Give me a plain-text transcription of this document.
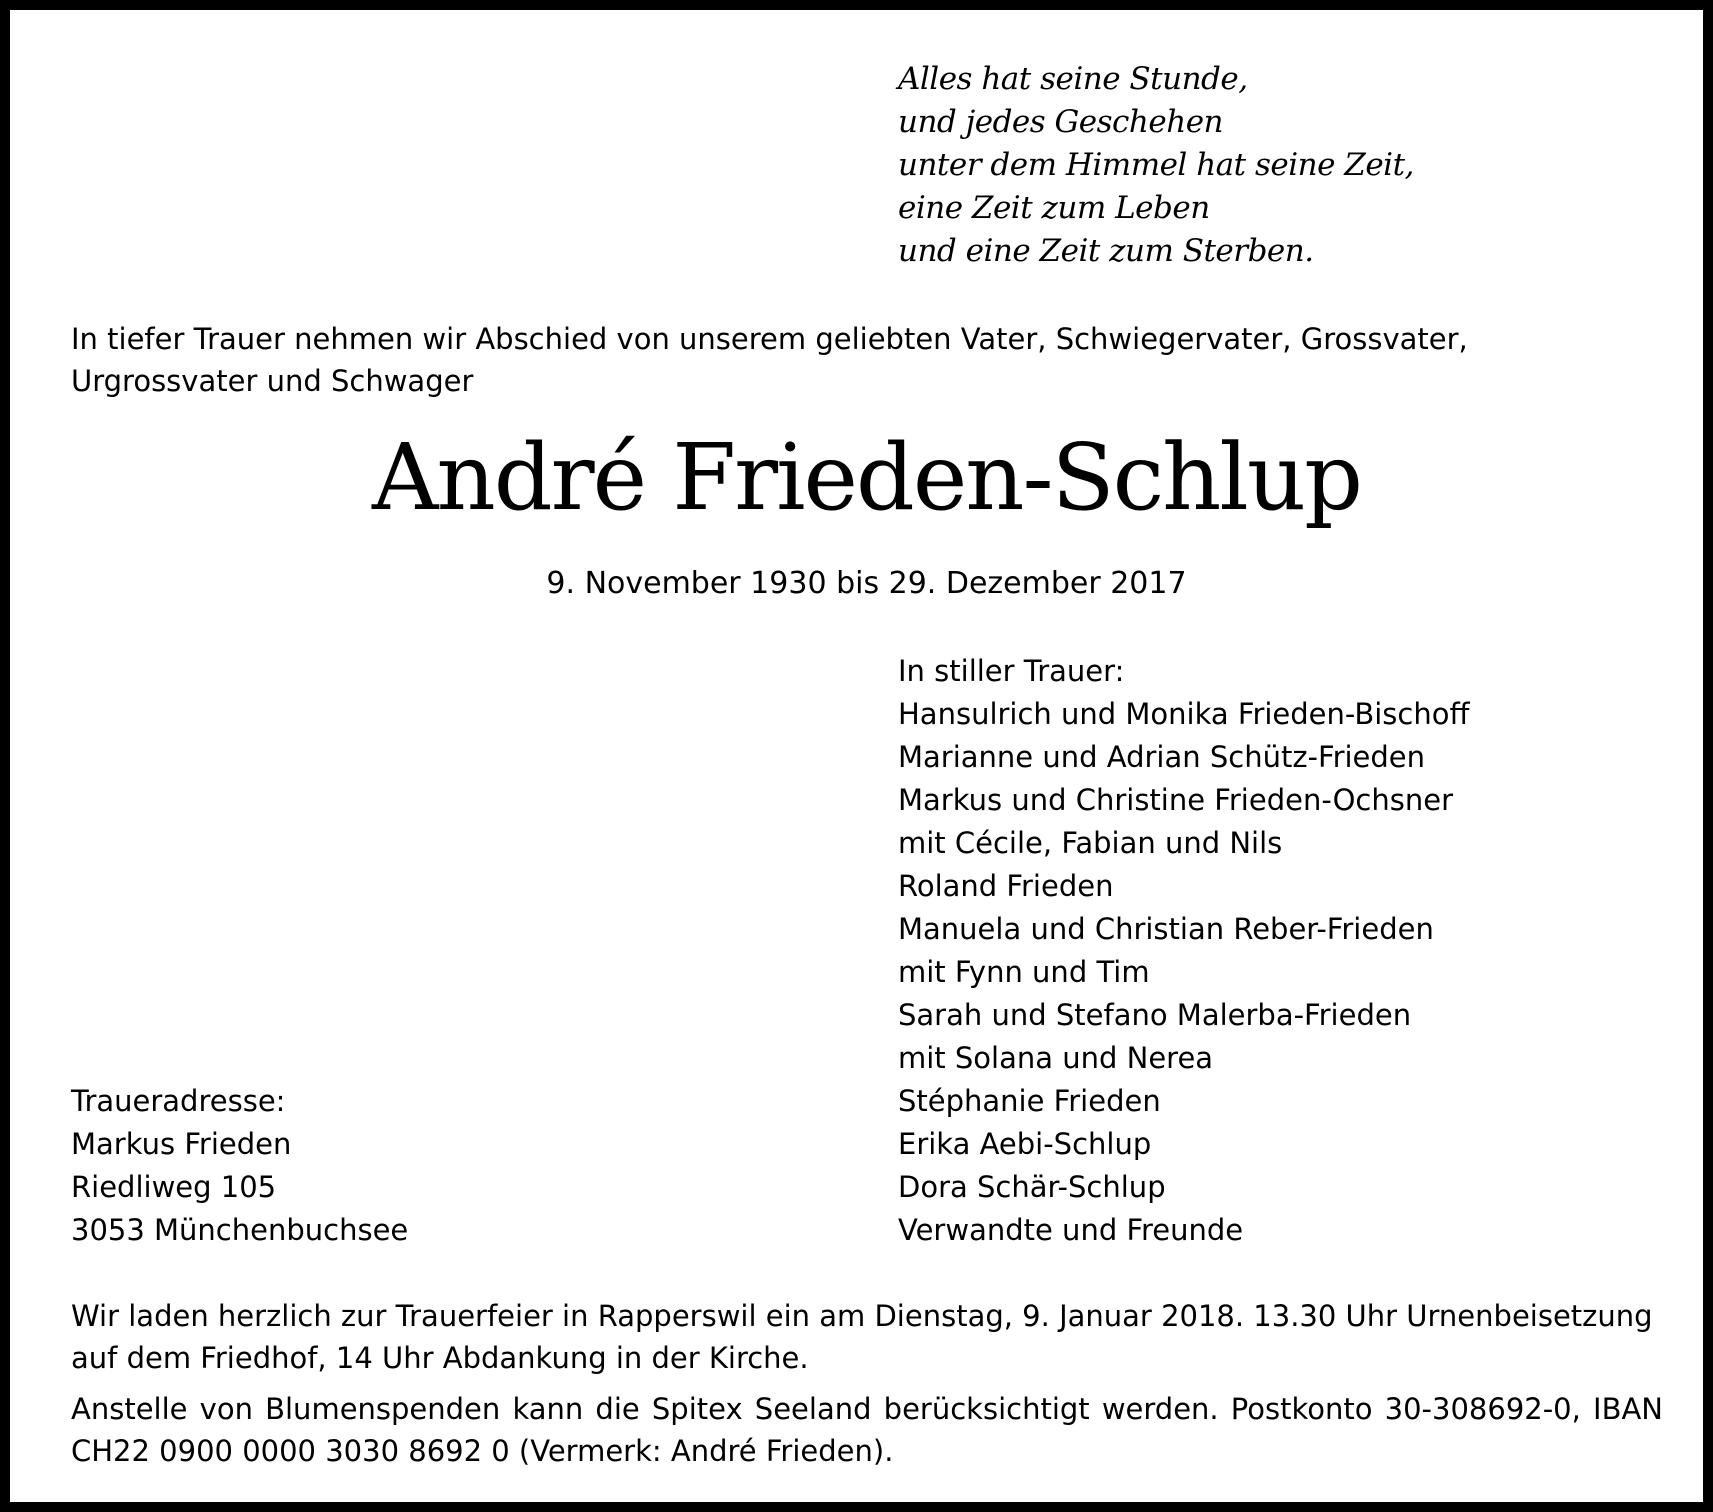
Alles hat seine Stunde,
und jedes Geschehen
unter dem Himmel hat seine Zeit,
eine Zeit zum Leben
und eine Zeit zum Sterben.
In tiefer Trauer nehmen wir Abschied von unserem geliebten Vater, Schwiegervater, Grossvater, Urgrossvater und Schwager
André Frieden-Schlup
9. November 1930 bis 29. Dezember 2017
In stiller Trauer:
Hansulrich und Monika Frieden-Bischoff
Marianne und Adrian Schütz-Frieden
Markus und Christine Frieden-Ochsner
mit Cécile, Fabian und Nils
Roland Frieden
Manuela und Christian Reber-Frieden
mit Fynn und Tim
Sarah und Stefano Malerba-Frieden
mit Solana und Nerea
Stéphanie Frieden
Erika Aebi-Schlup
Dora Schär-Schlup
Verwandte und Freunde
Traueradresse:
Markus Frieden
Riedliweg 105
3053 Münchenbuchsee
Wir laden herzlich zur Trauerfeier in Rapperswil ein am Dienstag, 9. Januar 2018. 13.30 Uhr Urnenbeisetzung auf dem Friedhof, 14 Uhr Abdankung in der Kirche.
Anstelle von Blumenspenden kann die Spitex Seeland berücksichtigt werden. Postkonto 30-308692-0, IBAN CH22 0900 0000 3030 8692 0 (Vermerk: André Frieden).
